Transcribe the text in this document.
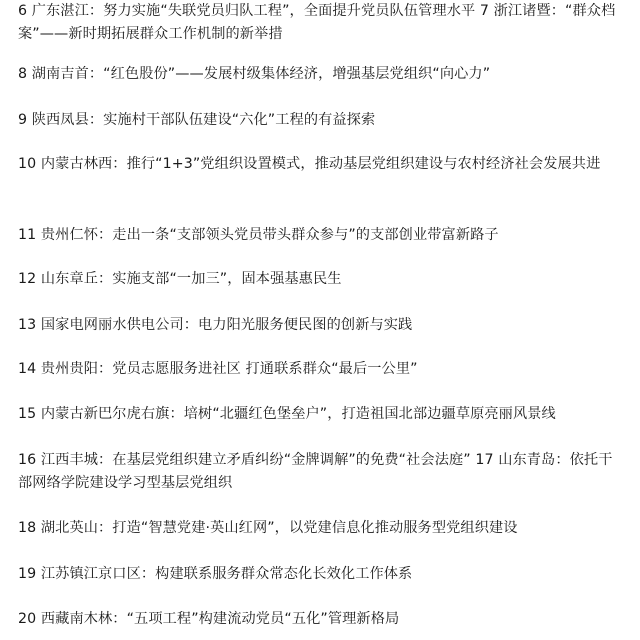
6 广东湛江：努力实施“失联党员归队工程”，全面提升党员队伍管理水平 7 浙江诸暨：“群众档案”——新时期拓展群众工作机制的新举措
8 湖南吉首：“红色股份”——发展村级集体经济，增强基层党组织“向心力”
9 陕西凤县：实施村干部队伍建设“六化”工程的有益探索
10 内蒙古林西：推行“1+3”党组织设置模式，推动基层党组织建设与农村经济社会发展共进
11 贵州仁怀：走出一条“支部领头党员带头群众参与”的支部创业带富新路子
12 山东章丘：实施支部“一加三”，固本强基惠民生
13 国家电网丽水供电公司：电力阳光服务便民图的创新与实践
14 贵州贵阳：党员志愿服务进社区 打通联系群众“最后一公里”
15 内蒙古新巴尔虎右旗：培树“北疆红色堡垒户”，打造祖国北部边疆草原亮丽风景线
16 江西丰城：在基层党组织建立矛盾纠纷“金牌调解”的免费“社会法庭” 17 山东青岛：依托干部网络学院建设学习型基层党组织
18 湖北英山：打造“智慧党建·英山红网”，以党建信息化推动服务型党组织建设
19 江苏镇江京口区：构建联系服务群众常态化长效化工作体系
20 西藏南木林：“五项工程”构建流动党员“五化”管理新格局
